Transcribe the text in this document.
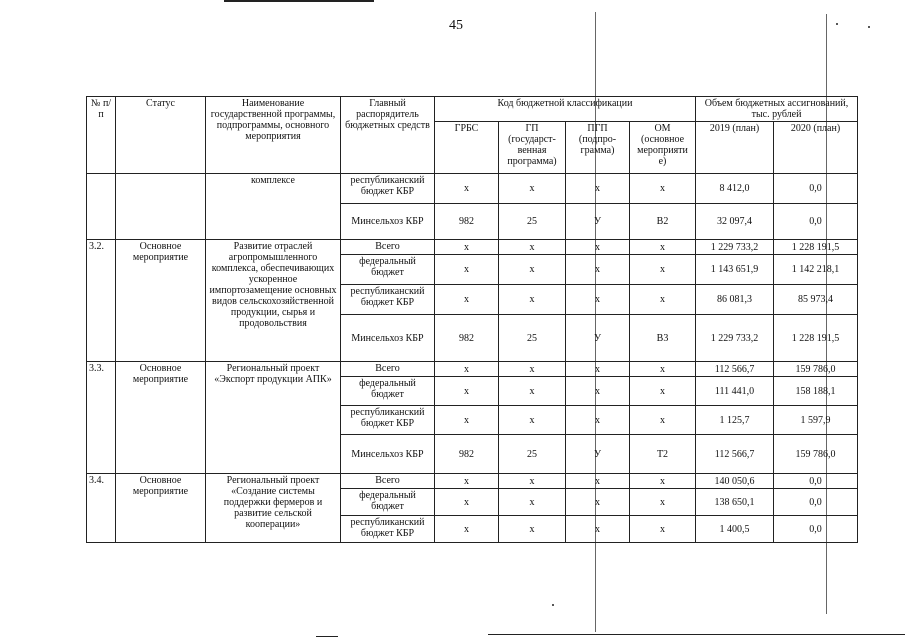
45
№ п/п	Статус	Наименование государственной программы, подпрограммы, основного мероприятия	Главный распорядитель бюджетных средств	Код бюджетной классификации				Объем бюджетных ассигнований, тыс. рублей	
				ГРБС	ГП (государст-венная программа)	ПГП (подпро-грамма)	ОМ (основное мероприяти е)	2019 (план)	2020 (план)
		комплексе	республиканский бюджет КБР	x	x	x	x	8 412,0	0,0
			Минсельхоз КБР	982	25	У	В2	32 097,4	0,0
3.2.	Основное мероприятие	Развитие отраслей агропромышленного комплекса, обеспечивающих ускоренное импортозамещение основных видов сельскохозяйственной продукции, сырья и продовольствия	Всего	x	x	x	x	1 229 733,2	1 228 191,5
			федеральный бюджет	x	x	x	x	1 143 651,9	1 142 218,1
			республиканский бюджет КБР	x	x	x	x	86 081,3	85 973,4
			Минсельхоз КБР	982	25	У	В3	1 229 733,2	1 228 191,5
3.3.	Основное мероприятие	Региональный проект «Экспорт продукции АПК»	Всего	x	x	x	x	112 566,7	159 786,0
			федеральный бюджет	x	x	x	x	111 441,0	158 188,1
			республиканский бюджет КБР	x	x	x	x	1 125,7	1 597,9
			Минсельхоз КБР	982	25	У	Т2	112 566,7	159 786,0
3.4.	Основное мероприятие	Региональный проект «Создание системы поддержки фермеров и развитие сельской кооперации»	Всего	x	x	x	x	140 050,6	0,0
			федеральный бюджет	x	x	x	x	138 650,1	0,0
			республиканский бюджет КБР	x	x	x	x	1 400,5	0,0
